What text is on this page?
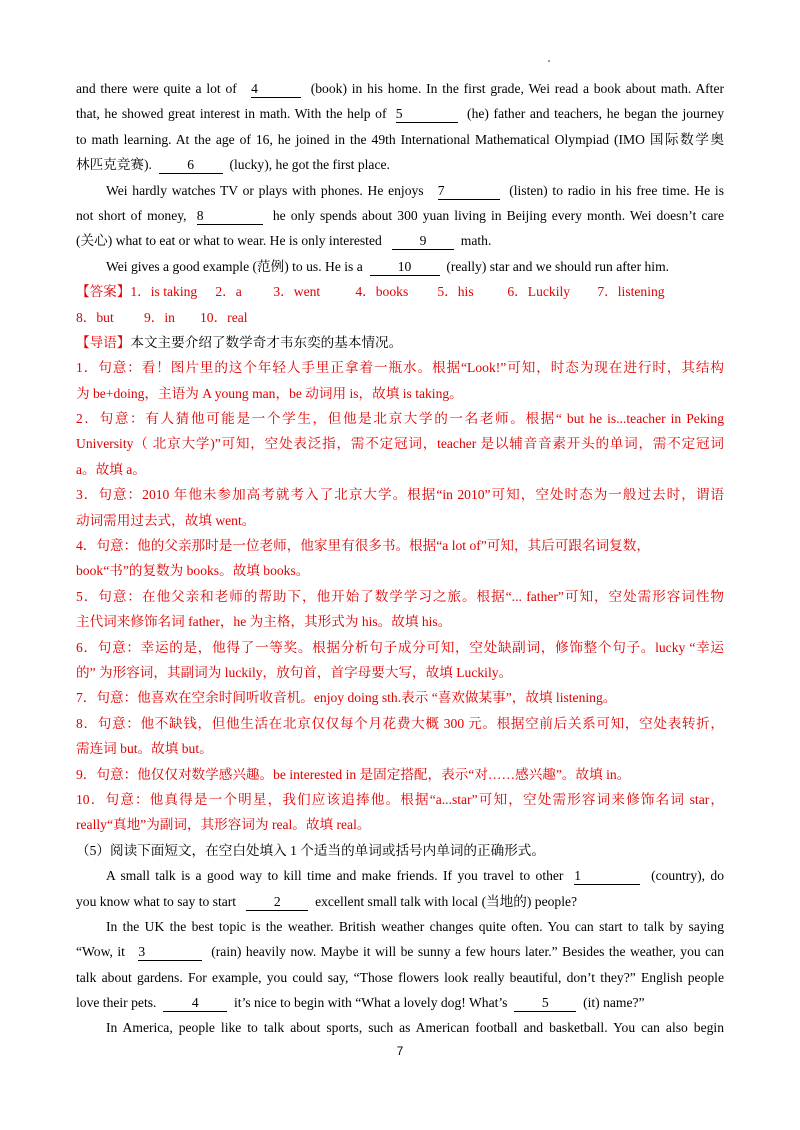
and there were quite a lot of 4	(book) in his home. In the first grade, Wei read a book about math. After
that, he showed great interest in math. With the help of 5	(he) father and teachers, he began the journey
to math learning. At the age of 16, he joined in the 49th International Mathematical Olympiad (IMO 国际数学奥
林匹克竞赛).	6	(lucky), he got the first place.
Wei hardly watches TV or plays with phones. He enjoys 7	(listen) to radio in his free time. He is
not short of money, 8	he only spends about 300 yuan living in Beijing every month. Wei doesn’t care
(关心) what to eat or what to wear. He is only interested	9	math.
Wei gives a good example (范例) to us. He is a	10	(really) star and we should run after him.
【答案】1．is taking 2．a 3．went	4．books 5．his 6．Luckily 7．listening
8．but 9．in 10．real
【导语】本文主要介绍了数学奇才韦东奕的基本情况。
1．句意：看！图片里的这个年轻人手里正拿着一瓶水。根据“Look!”可知，时态为现在进行时，其结构
为 be+doing，主语为 A young man，be 动词用 is，故填 is taking。
2．句意：有人猜他可能是一个学生，但他是北京大学的一名老师。根据“ but he is...teacher in Peking
University（ 北京大学)”可知，空处表泛指，需不定冠词，teacher 是以辅音音素开头的单词，需不定冠词
a。故填 a。
3．句意：2010 年他未参加高考就考入了北京大学。根据“in 2010”可知，空处时态为一般过去时，谓语
动词需用过去式，故填 went。
4．句意：他的父亲那时是一位老师，他家里有很多书。根据“a lot of”可知，其后可跟名词复数，
book“书”的复数为 books。故填 books。
5．句意：在他父亲和老师的帮助下，他开始了数学学习之旅。根据“... father”可知，空处需形容词性物
主代词来修饰名词 father，he 为主格，其形式为 his。故填 his。
6．句意：幸运的是，他得了一等奖。根据分析句子成分可知，空处缺副词，修饰整个句子。lucky “幸运
的” 为形容词，其副词为 luckily，放句首，首字母要大写，故填 Luckily。
7．句意：他喜欢在空余时间听收音机。enjoy doing sth.表示 “喜欢做某事”，故填 listening。
8．句意：他不缺钱，但他生活在北京仅仅每个月花费大概 300 元。根据空前后关系可知，空处表转折，
需连词 but。故填 but。
9．句意：他仅仅对数学感兴趣。be interested in 是固定搭配，表示“对……感兴趣”。故填 in。
10．句意：他真得是一个明星，我们应该追捧他。根据“a...star”可知，空处需形容词来修饰名词 star，
really“真地”为副词，其形容词为 real。故填 real。
（5）阅读下面短文，在空白处填入 1 个适当的单词或括号内单词的正确形式。
A small talk is a good way to kill time and make friends. If you travel to other 1	(country), do
you know what to say to start	2	excellent small talk with local (当地的) people?
In the UK the best topic is the weather. British weather changes quite often. You can start to talk by saying
“Wow, it 3	(rain) heavily now. Maybe it will be sunny a few hours later.” Besides the weather, you can
talk about gardens. For example, you could say, “Those flowers look really beautiful, don’t they?” English people
love their pets.	4	it’s nice to begin with “What a lovely dog! What’s	5	(it) name?”
In America, people like to talk about sports, such as American football and basketball. You can also begin
7
